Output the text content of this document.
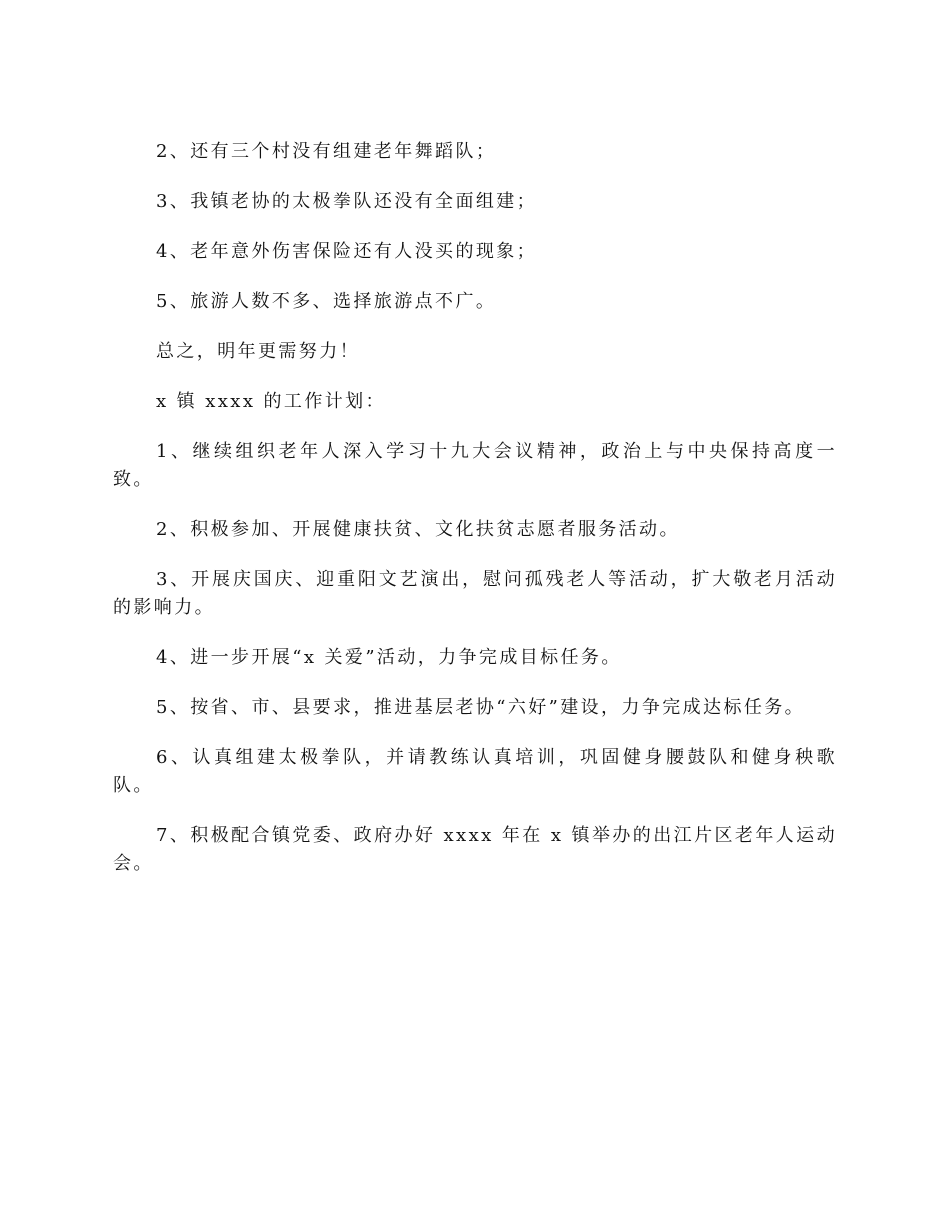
2、还有三个村没有组建老年舞蹈队；

3、我镇老协的太极拳队还没有全面组建；

4、老年意外伤害保险还有人没买的现象；

5、旅游人数不多、选择旅游点不广。

总之，明年更需努力！

x 镇 xxxx 的工作计划：

1、继续组织老年人深入学习十九大会议精神，政治上与中央保持高度一致。

2、积极参加、开展健康扶贫、文化扶贫志愿者服务活动。

3、开展庆国庆、迎重阳文艺演出，慰问孤残老人等活动，扩大敬老月活动的影响力。

4、进一步开展“x 关爱”活动，力争完成目标任务。

5、按省、市、县要求，推进基层老协“六好”建设，力争完成达标任务。

6、认真组建太极拳队，并请教练认真培训，巩固健身腰鼓队和健身秧歌队。

7、积极配合镇党委、政府办好 xxxx 年在 x 镇举办的出江片区老年人运动会。
